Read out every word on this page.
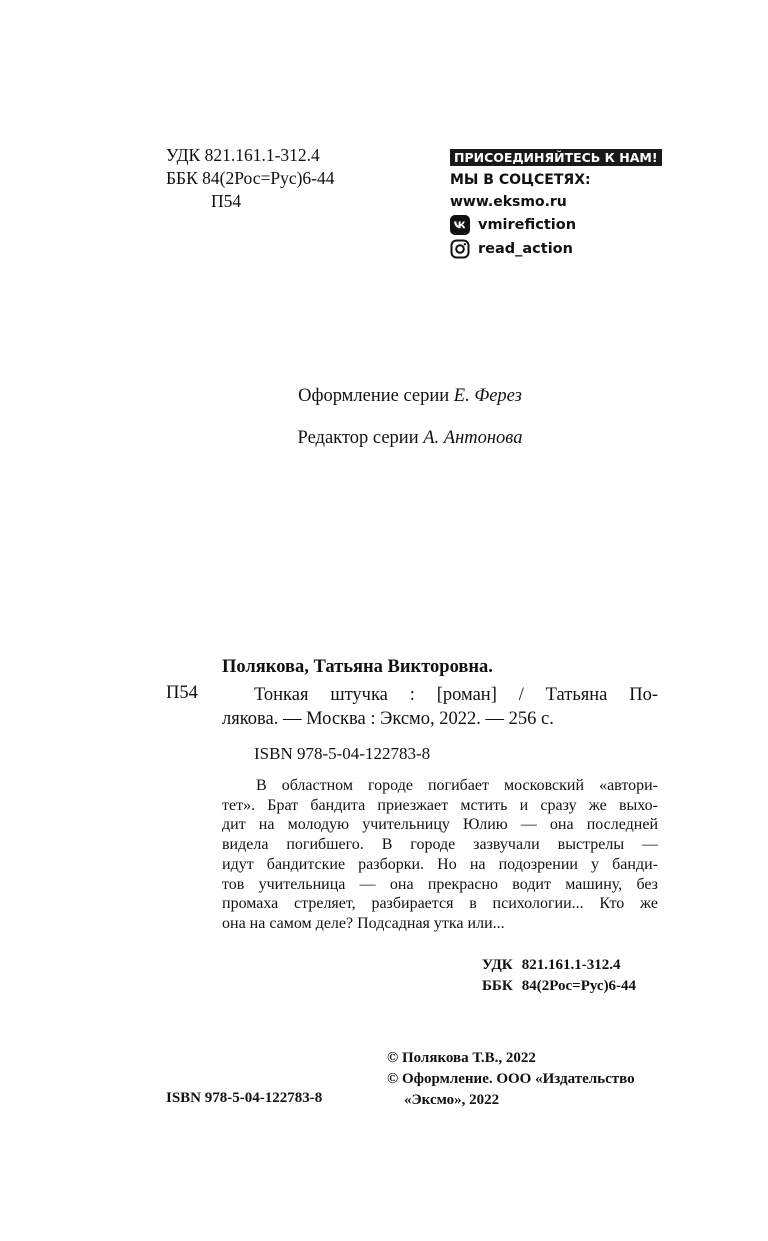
УДК 821.161.1-312.4
ББК 84(2Рос=Рус)6-44
П54
ПРИСОЕДИНЯЙТЕСЬ К НАМ!
МЫ В СОЦСЕТЯХ:
www.eksmo.ru
vmirefiction
read_action
Оформление серии Е. Ферез
Редактор серии А. Антонова
Полякова, Татьяна Викторовна.
П54	Тонкая штучка : [роман] / Татьяна По-
лякова. — Москва : Эксмо, 2022. — 256 с.
ISBN 978-5-04-122783-8
В областном городе погибает московский «автори-
тет». Брат бандита приезжает мстить и сразу же выхо-
дит на молодую учительницу Юлию — она последней
видела погибшего. В городе зазвучали выстрелы —
идут бандитские разборки. Но на подозрении у банди-
тов учительница — она прекрасно водит машину, без
промаха стреляет, разбирается в психологии... Кто же
она на самом деле? Подсадная утка или...
УДК 821.161.1-312.4
ББК 84(2Рос=Рус)6-44
© Полякова Т.В., 2022
© Оформление. ООО «Издательство
«Эксмо», 2022
ISBN 978-5-04-122783-8
